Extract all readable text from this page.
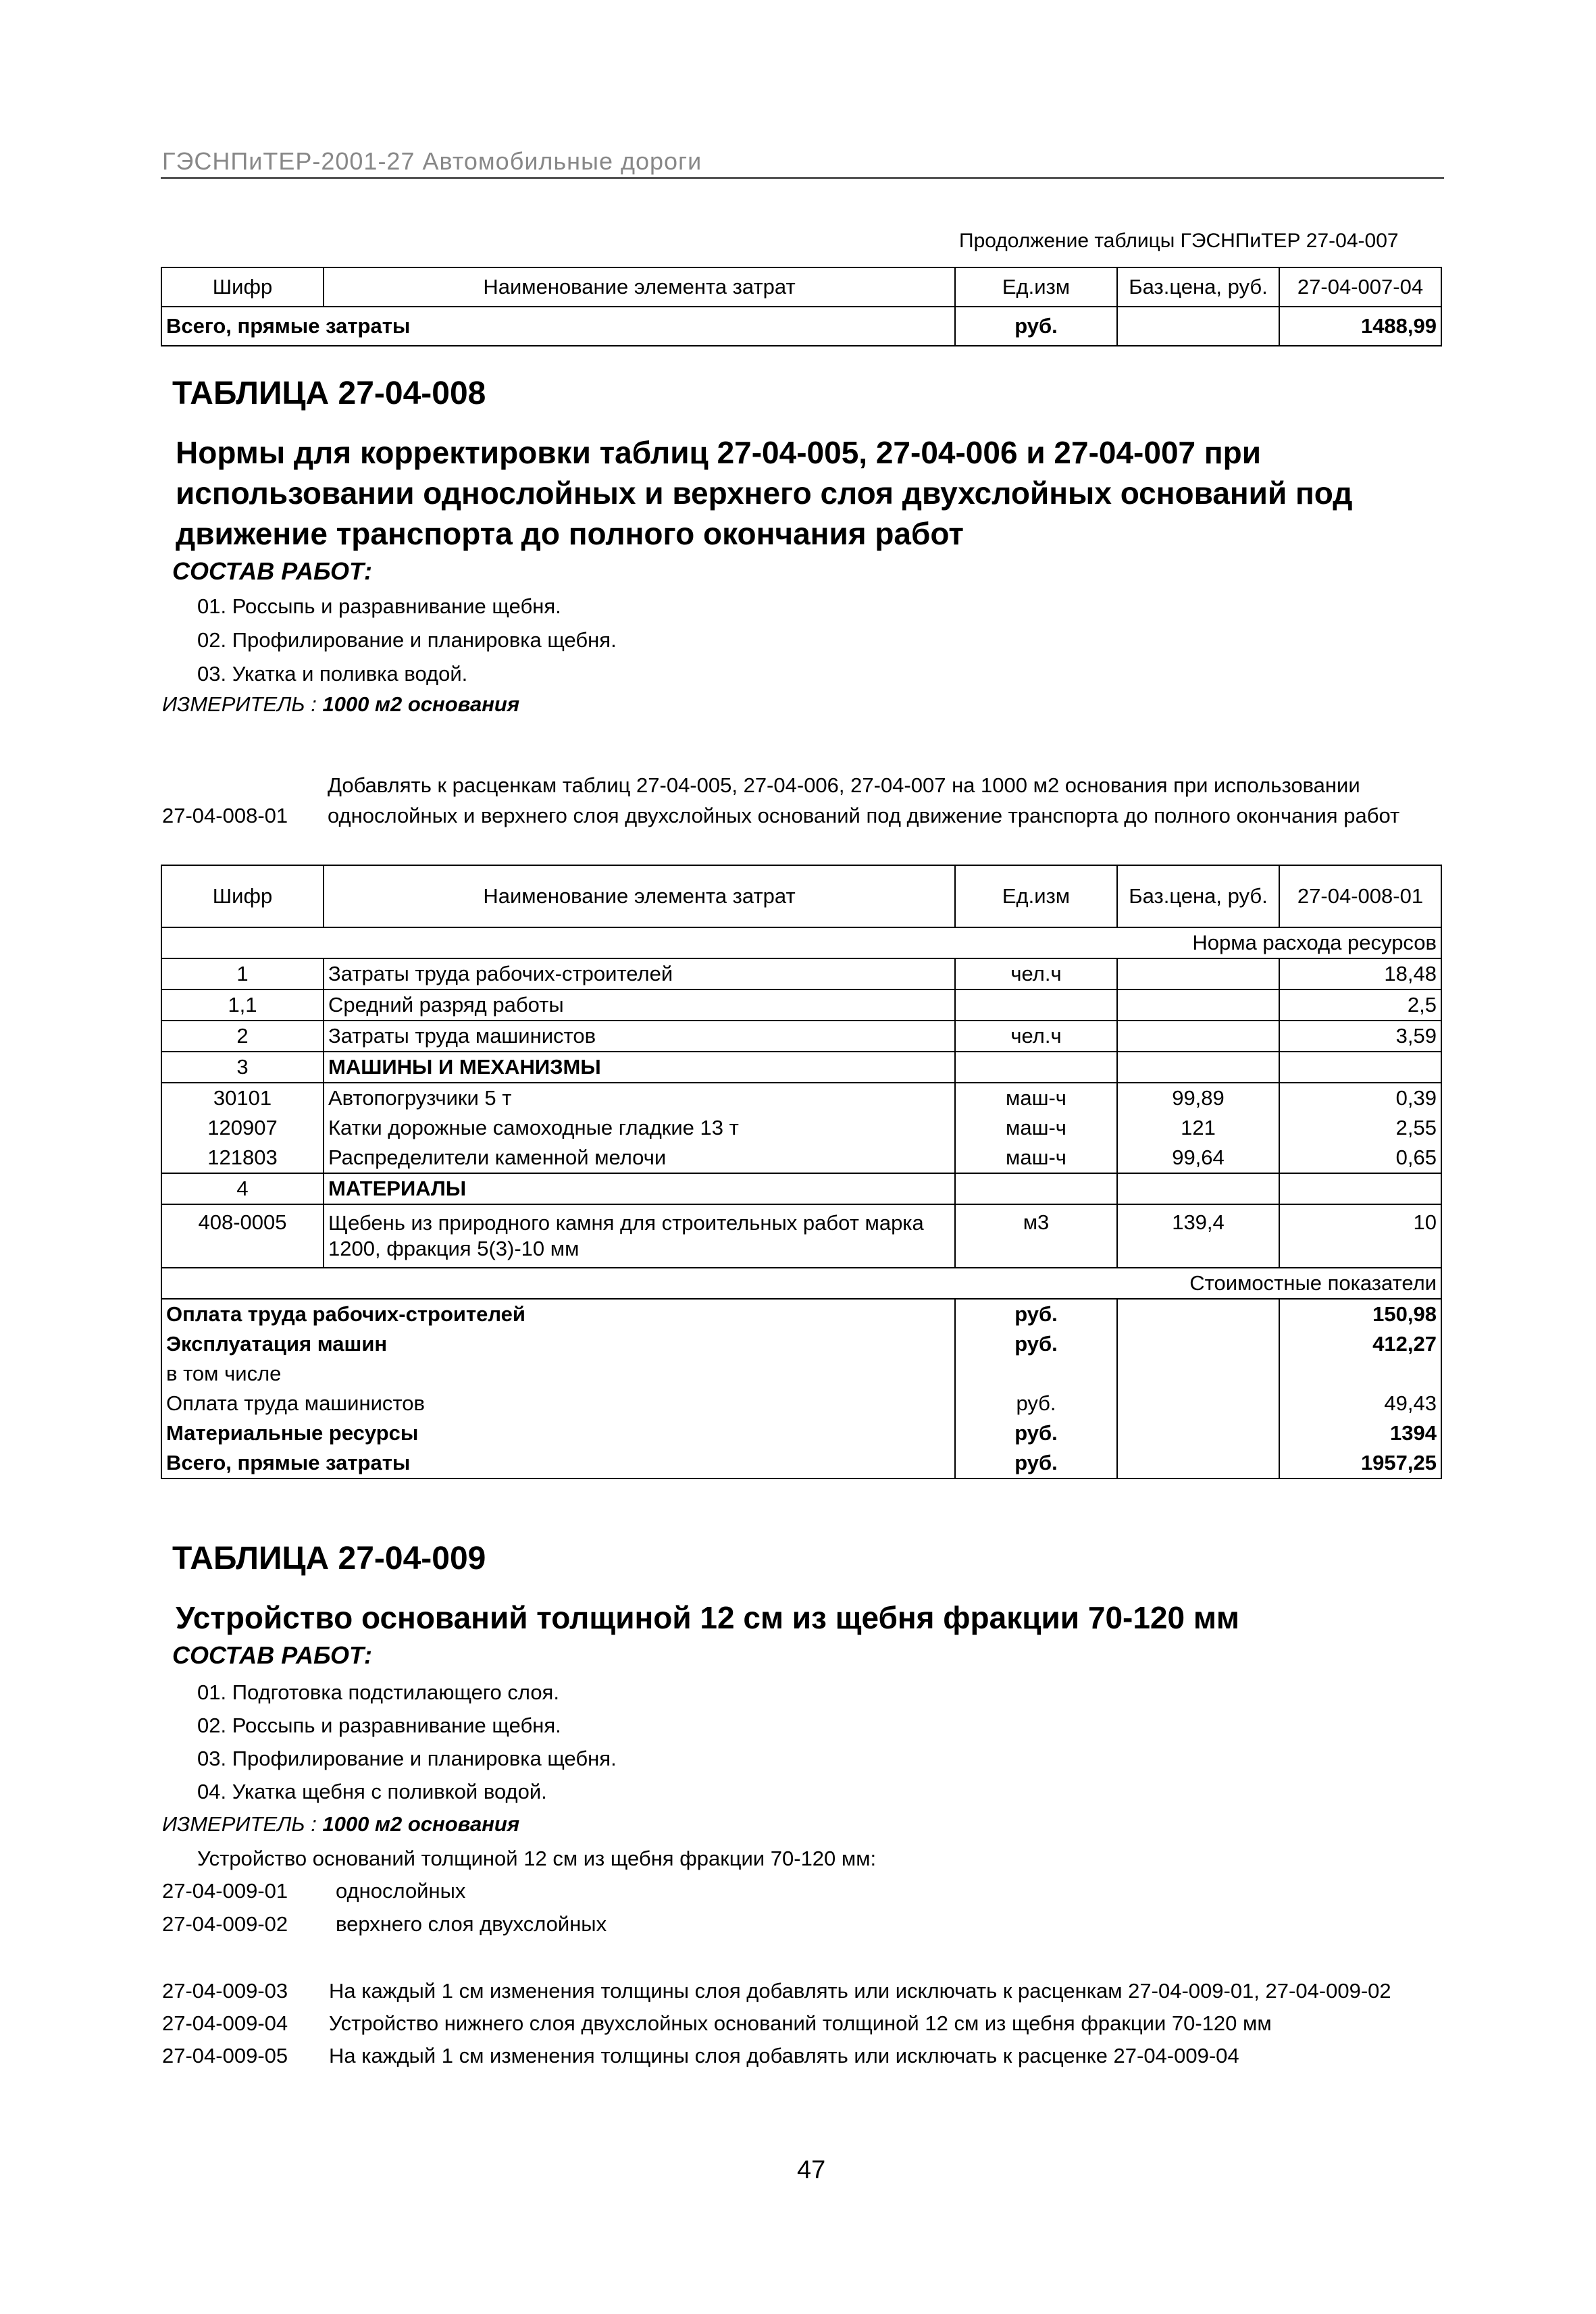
ГЭСНПиТЕР-2001-27 Автомобильные дороги
Продолжение таблицы ГЭСНПиТЕР 27-04-007
Шифр	Наименование элемента затрат	Ед.изм	Баз.цена, руб.	27-04-007-04
Всего, прямые затраты		руб.		1488,99
ТАБЛИЦА 27-04-008
Нормы для корректировки таблиц 27-04-005, 27-04-006 и 27-04-007 при использовании однослойных и верхнего слоя двухслойных оснований под движение транспорта до полного окончания работ
СОСТАВ РАБОТ:
01. Россыпь и разравнивание щебня.
02. Профилирование и планировка щебня.
03. Укатка и поливка водой.
ИЗМЕРИТЕЛЬ : 1000 м2 основания
Добавлять к расценкам таблиц 27-04-005, 27-04-006, 27-04-007 на 1000 м2 основания при использовании
27-04-008-01 однослойных и верхнего слоя двухслойных оснований под движение транспорта до полного окончания работ
Шифр	Наименование элемента затрат	Ед.изм	Баз.цена, руб.	27-04-008-01
Норма расхода ресурсов				
1	Затраты труда рабочих-строителей	чел.ч		18,48
1,1	Средний разряд работы			2,5
2	Затраты труда машинистов	чел.ч		3,59
3	МАШИНЫ И МЕХАНИЗМЫ			
30101	Автопогрузчики 5 т	маш-ч	99,89	0,39
120907	Катки дорожные самоходные гладкие 13 т	маш-ч	121	2,55
121803	Распределители каменной мелочи	маш-ч	99,64	0,65
4	МАТЕРИАЛЫ			
408-0005	Щебень из природного камня для строительных работ марка 1200, фракция 5(3)-10 мм	м3	139,4	10
Стоимостные показатели				
Оплата труда рабочих-строителей		руб.		150,98
Эксплуатация машин		руб.		412,27
в том числе				
Оплата труда машинистов		руб.		49,43
Материальные ресурсы		руб.		1394
Всего, прямые затраты		руб.		1957,25
ТАБЛИЦА 27-04-009
Устройство оснований толщиной 12 см из щебня фракции 70-120 мм
СОСТАВ РАБОТ:
01. Подготовка подстилающего слоя.
02. Россыпь и разравнивание щебня.
03. Профилирование и планировка щебня.
04. Укатка щебня с поливкой водой.
ИЗМЕРИТЕЛЬ : 1000 м2 основания
Устройство оснований толщиной 12 см из щебня фракции 70-120 мм:
27-04-009-01 однослойных
27-04-009-02 верхнего слоя двухслойных
27-04-009-03 На каждый 1 см изменения толщины слоя добавлять или исключать к расценкам 27-04-009-01, 27-04-009-02
27-04-009-04 Устройство нижнего слоя двухслойных оснований толщиной 12 см из щебня фракции 70-120 мм
27-04-009-05 На каждый 1 см изменения толщины слоя добавлять или исключать к расценке 27-04-009-04
47
